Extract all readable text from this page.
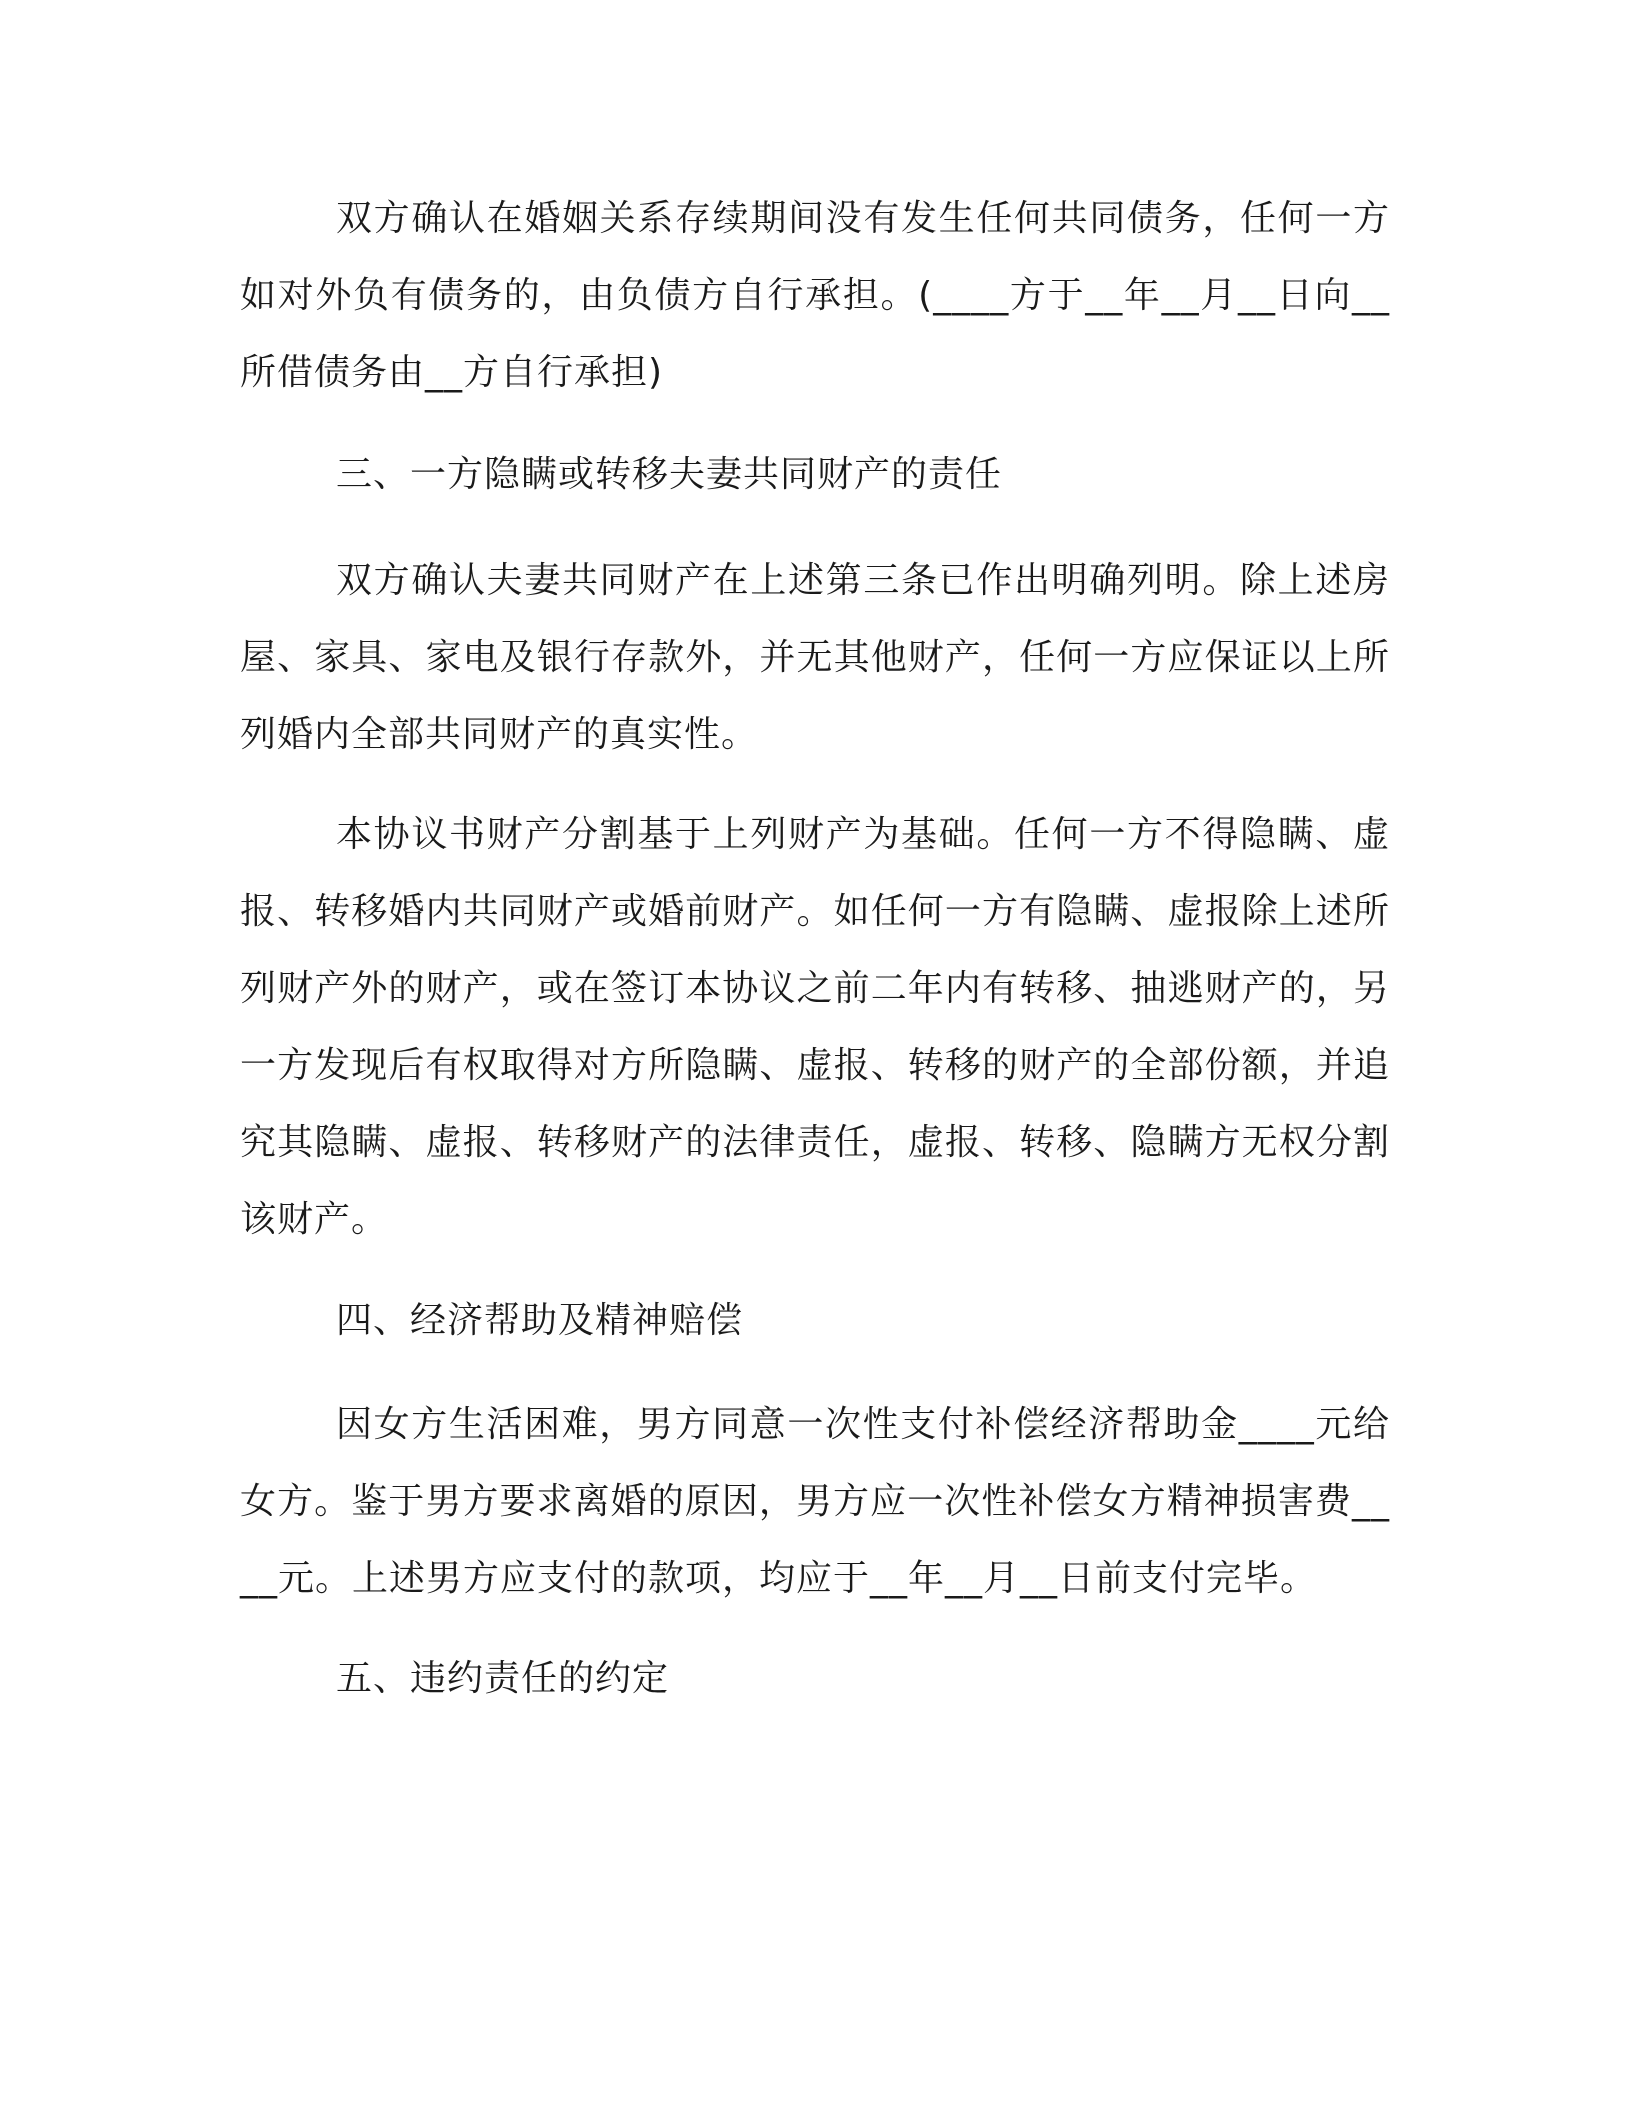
双方确认在婚姻关系存续期间没有发生任何共同债务，任何一方如对外负有债务的，由负债方自行承担。(____方于__年__月__日向__所借债务由__方自行承担)

三、一方隐瞒或转移夫妻共同财产的责任

双方确认夫妻共同财产在上述第三条已作出明确列明。除上述房屋、家具、家电及银行存款外，并无其他财产，任何一方应保证以上所列婚内全部共同财产的真实性。

本协议书财产分割基于上列财产为基础。任何一方不得隐瞒、虚报、转移婚内共同财产或婚前财产。如任何一方有隐瞒、虚报除上述所列财产外的财产，或在签订本协议之前二年内有转移、抽逃财产的，另一方发现后有权取得对方所隐瞒、虚报、转移的财产的全部份额，并追究其隐瞒、虚报、转移财产的法律责任，虚报、转移、隐瞒方无权分割该财产。

四、经济帮助及精神赔偿

因女方生活困难，男方同意一次性支付补偿经济帮助金____元给女方。鉴于男方要求离婚的原因，男方应一次性补偿女方精神损害费____元。上述男方应支付的款项，均应于__年__月__日前支付完毕。

五、违约责任的约定
